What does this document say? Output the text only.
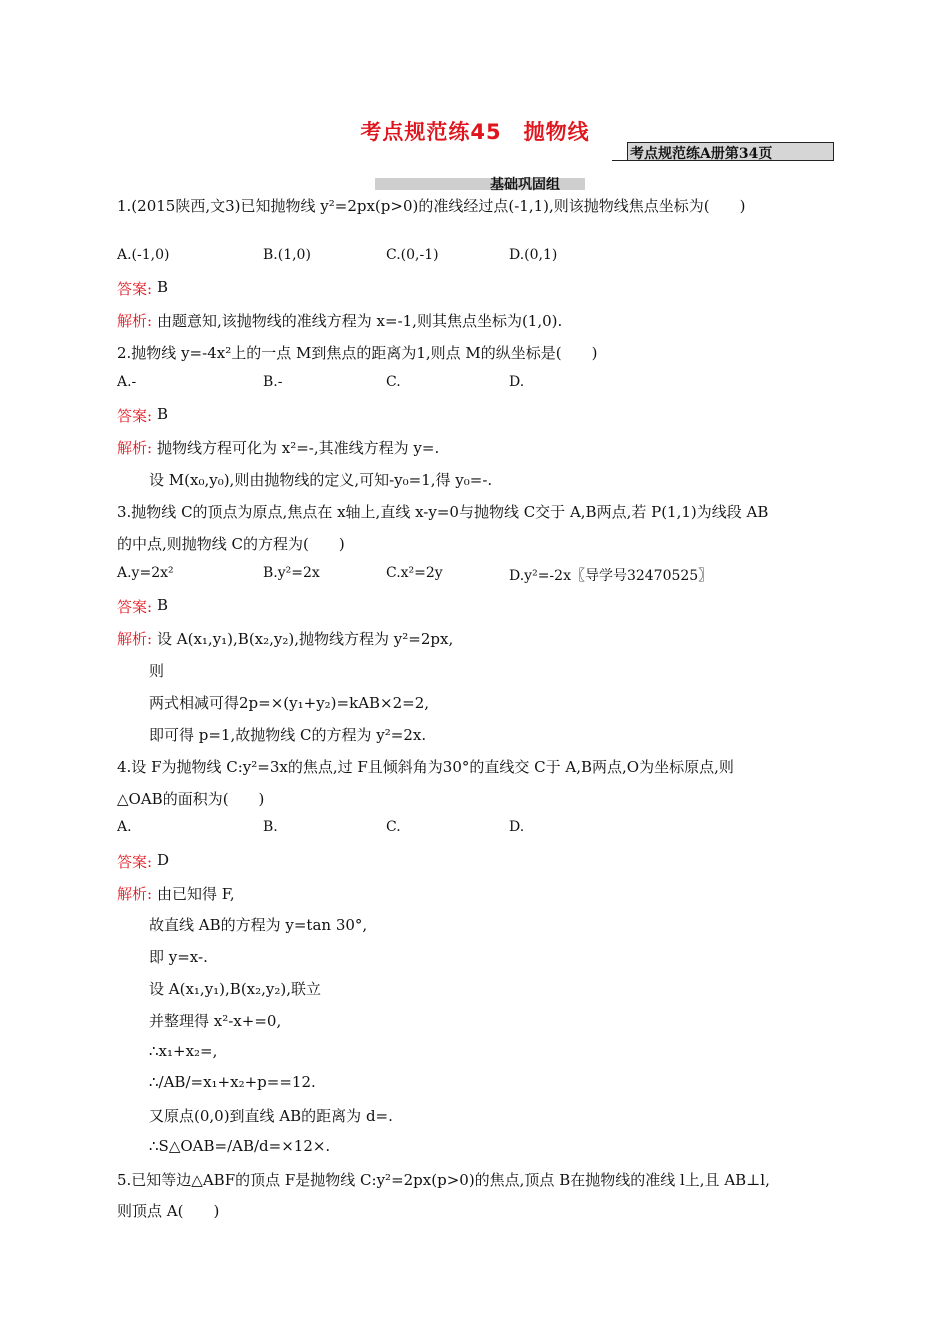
考点规范练45　抛物线
考点规范练A册第34页
基础巩固组
1.(2015陕西,文3)已知抛物线 y²=2px(p>0)的准线经过点(-1,1),则该抛物线焦点坐标为(　　)
A.(-1,0)	B.(1,0)	C.(0,-1)	D.(0,1)
答案: B
解析: 由题意知,该抛物线的准线方程为 x=-1,则其焦点坐标为(1,0).
2.抛物线 y=-4x²上的一点 M到焦点的距离为1,则点 M的纵坐标是(　　)
A.-	B.-	C.	D.
答案: B
解析: 抛物线方程可化为 x²=-,其准线方程为 y=.
设 M(x₀,y₀),则由抛物线的定义,可知-y₀=1,得 y₀=-.
3.抛物线 C的顶点为原点,焦点在 x轴上,直线 x-y=0与抛物线 C交于 A,B两点,若 P(1,1)为线段 AB
的中点,则抛物线 C的方程为(　　)
A.y=2x²	B.y²=2x	C.x²=2y	D.y²=-2x〖导学号32470525〗
答案: B
解析: 设 A(x₁,y₁),B(x₂,y₂),抛物线方程为 y²=2px,
则
两式相减可得2p=×(y₁+y₂)=kAB×2=2,
即可得 p=1,故抛物线 C的方程为 y²=2x.
4.设 F为抛物线 C:y²=3x的焦点,过 F且倾斜角为30°的直线交 C于 A,B两点,O为坐标原点,则
△OAB的面积为(　　)
A.	B.	C.	D.
答案: D
解析: 由已知得 F,
故直线 AB的方程为 y=tan 30°,
即 y=x-.
设 A(x₁,y₁),B(x₂,y₂),联立
并整理得 x²-x+=0,
∴x₁+x₂=,
∴/AB/=x₁+x₂+p==12.
又原点(0,0)到直线 AB的距离为 d=.
∴S△OAB=/AB/d=×12×.
5.已知等边△ABF的顶点 F是抛物线 C:y²=2px(p>0)的焦点,顶点 B在抛物线的准线 l上,且 AB⊥l,
则顶点 A(　　)
